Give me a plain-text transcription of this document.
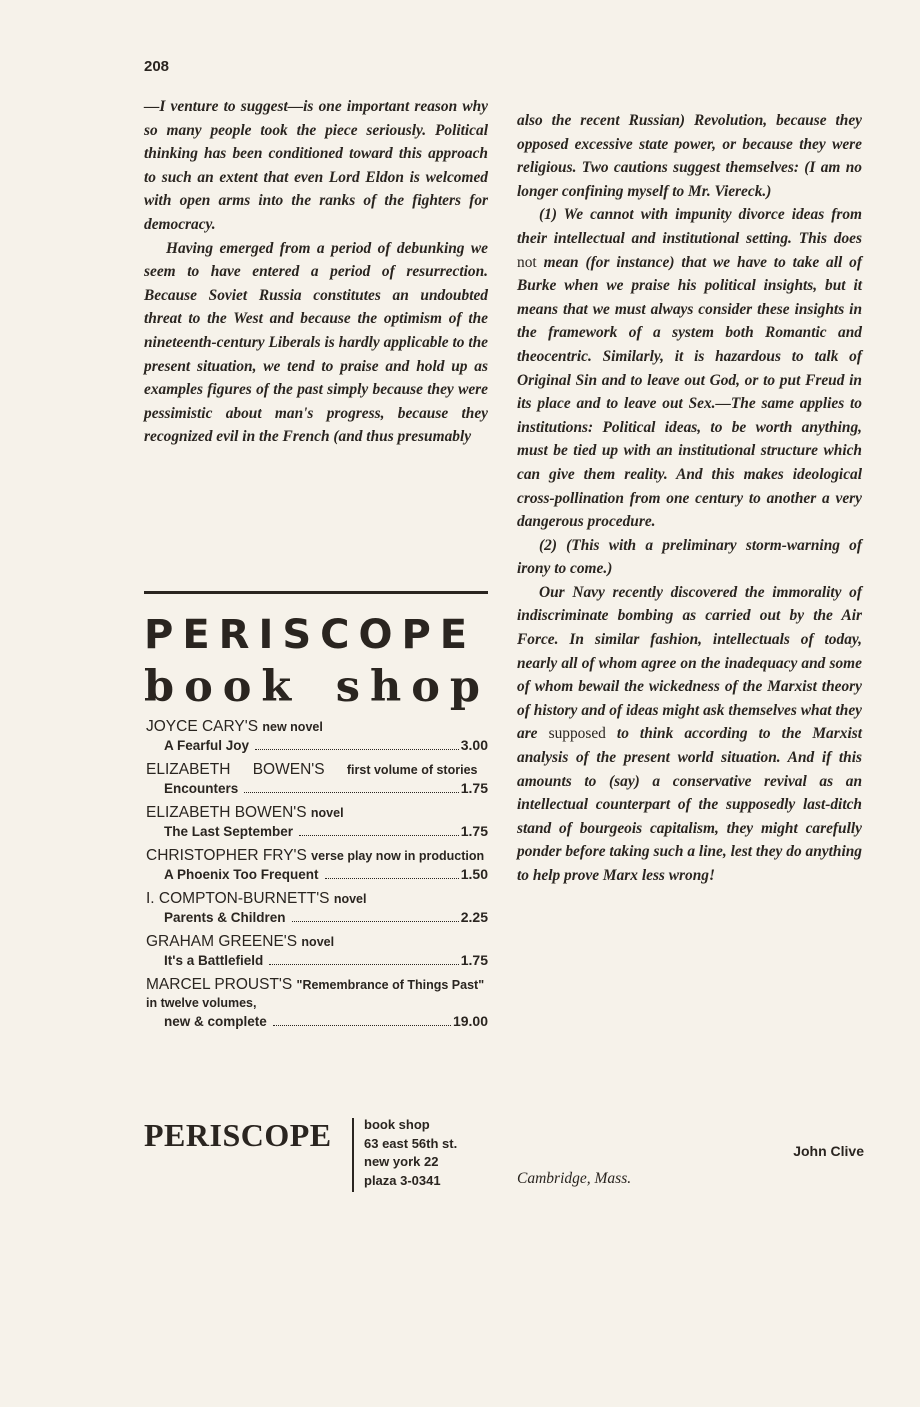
208

—I venture to suggest—is one important reason why so many people took the piece seriously. Political thinking has been conditioned toward this approach to such an extent that even Lord Eldon is welcomed with open arms into the ranks of the fighters for democracy.

Having emerged from a period of debunking we seem to have entered a period of resurrection. Because Soviet Russia constitutes an undoubted threat to the West and because the optimism of the nineteenth-century Liberals is hardly applicable to the present situation, we tend to praise and hold up as examples figures of the past simply because they were pessimistic about man's progress, because they recognized evil in the French (and thus presumably

PERISCOPE
book shop
JOYCE CARY'S new novel
A Fearful Joy	3.00
ELIZABETH BOWEN'S first volume of stories
Encounters	1.75
ELIZABETH BOWEN'S novel
The Last September	1.75
CHRISTOPHER FRY'S verse play now in production
A Phoenix Too Frequent	1.50
I. COMPTON-BURNETT'S novel
Parents & Children	2.25
GRAHAM GREENE'S novel
It's a Battlefield	1.75
MARCEL PROUST'S "Remembrance of Things Past" in twelve volumes,
new & complete	19.00
PERISCOPE book shop
63 east 56th st.
new york 22
plaza 3-0341

also the recent Russian) Revolution, because they opposed excessive state power, or because they were religious. Two cautions suggest themselves: (I am no longer confining myself to Mr. Viereck.)

(1) We cannot with impunity divorce ideas from their intellectual and institutional setting. This does not mean (for instance) that we have to take all of Burke when we praise his political insights, but it means that we must always consider these insights in the framework of a system both Romantic and theocentric. Similarly, it is hazardous to talk of Original Sin and to leave out God, or to put Freud in its place and to leave out Sex.—The same applies to institutions: Political ideas, to be worth anything, must be tied up with an institutional structure which can give them reality. And this makes ideological cross-pollination from one century to another a very dangerous procedure.

(2) (This with a preliminary storm-warning of irony to come.)

Our Navy recently discovered the immorality of indiscriminate bombing as carried out by the Air Force. In similar fashion, intellectuals of today, nearly all of whom agree on the inadequacy and some of whom bewail the wickedness of the Marxist theory of history and of ideas might ask themselves what they are supposed to think according to the Marxist analysis of the present world situation. And if this amounts to (say) a conservative revival as an intellectual counterpart of the supposedly last-ditch stand of bourgeois capitalism, they might carefully ponder before taking such a line, lest they do anything to help prove Marx less wrong!

John Clive
Cambridge, Mass.
